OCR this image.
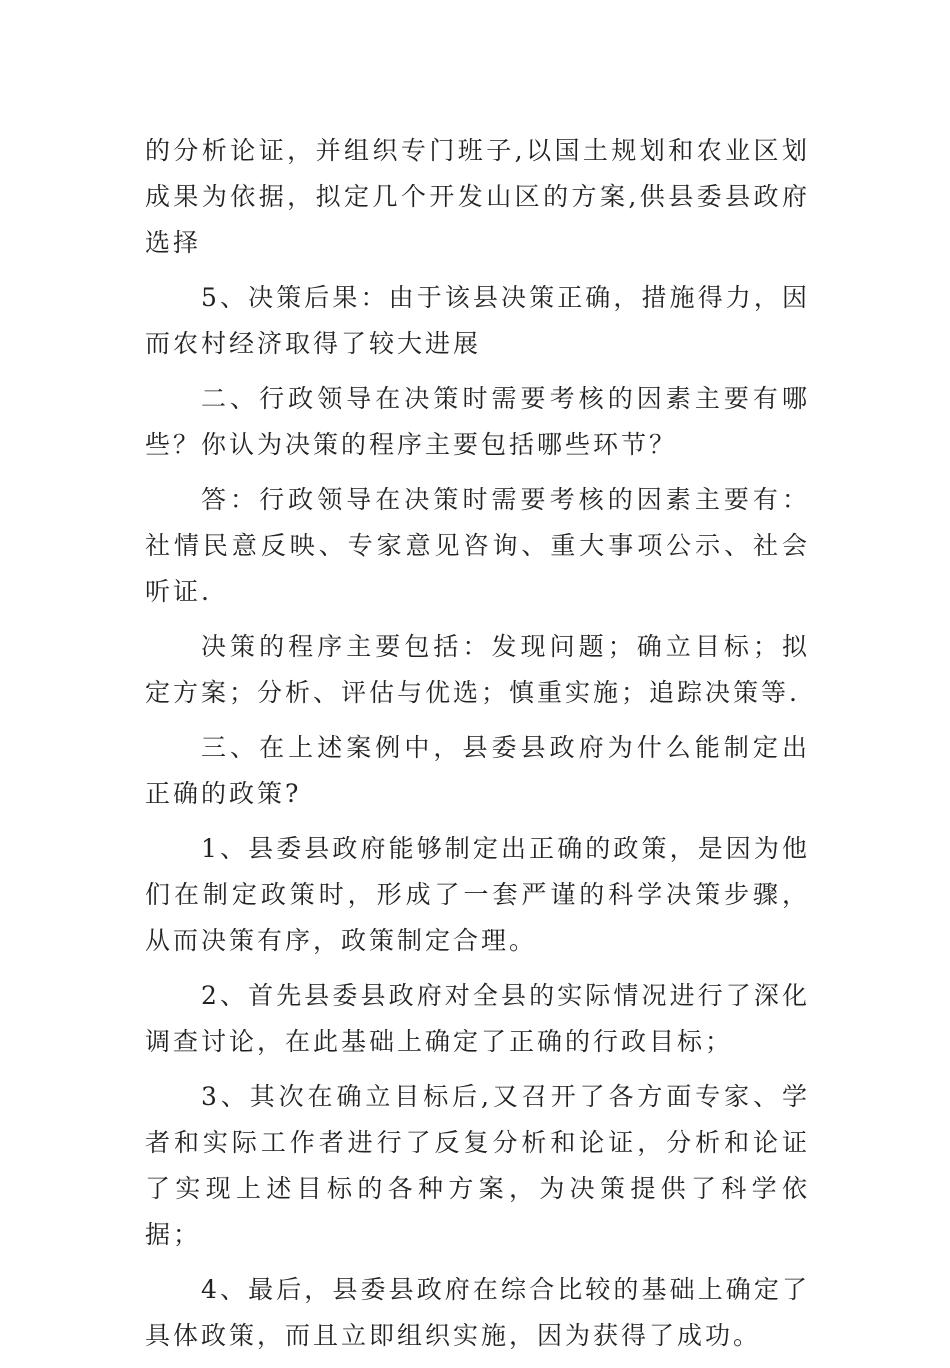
的分析论证，并组织专门班子,以国土规划和农业区划成果为依据，拟定几个开发山区的方案,供县委县政府选择

5、决策后果：由于该县决策正确，措施得力，因而农村经济取得了较大进展

二、行政领导在决策时需要考核的因素主要有哪些？你认为决策的程序主要包括哪些环节？

答：行政领导在决策时需要考核的因素主要有：社情民意反映、专家意见咨询、重大事项公示、社会听证.

决策的程序主要包括：发现问题；确立目标；拟定方案；分析、评估与优选；慎重实施；追踪决策等.

三、在上述案例中，县委县政府为什么能制定出正确的政策?

1、县委县政府能够制定出正确的政策，是因为他们在制定政策时，形成了一套严谨的科学决策步骤，从而决策有序，政策制定合理。

2、首先县委县政府对全县的实际情况进行了深化调查讨论，在此基础上确定了正确的行政目标；

3、其次在确立目标后,又召开了各方面专家、学者和实际工作者进行了反复分析和论证，分析和论证了实现上述目标的各种方案，为决策提供了科学依据；

4、最后，县委县政府在综合比较的基础上确定了具体政策，而且立即组织实施，因为获得了成功。
